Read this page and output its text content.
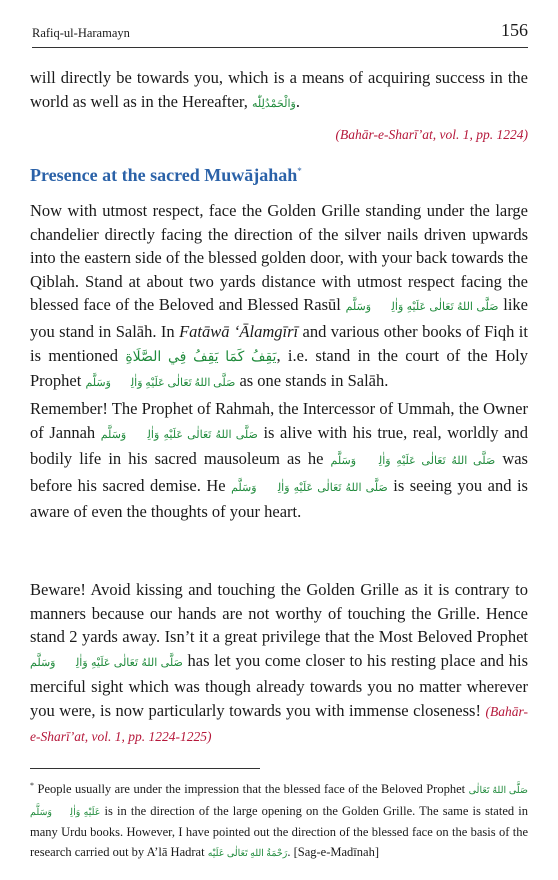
Rafiq-ul-Haramayn	156
will directly be towards you, which is a means of acquiring success in the world as well as in the Hereafter, وَالْحَمْدُلِلّٰه.
(Bahār-e-Sharī’at, vol. 1, pp. 1224)
Presence at the sacred Muwājahah*
Now with utmost respect, face the Golden Grille standing under the large chandelier directly facing the direction of the silver nails driven upwards into the eastern side of the blessed golden door, with your back towards the Qiblah. Stand at about two yards distance with utmost respect facing the blessed face of the Beloved and Blessed Rasūl صَلَّى اللهُ تَعَالٰى عَلَيْهِ وَاٰلِهٖ وَسَلَّم like you stand in Salāh. In Fatāwā ‘Ālamgīrī and various other books of Fiqh it is mentioned يَقِفُ كَمَا يَقِفُ فِي الصَّلَاةِ, i.e. stand in the court of the Holy Prophet صَلَّى اللهُ تَعَالٰى عَلَيْهِ وَاٰلِهٖ وَسَلَّم as one stands in Salāh.
Remember! The Prophet of Rahmah, the Intercessor of Ummah, the Owner of Jannah صَلَّى اللهُ تَعَالٰى عَلَيْهِ وَاٰلِهٖ وَسَلَّم is alive with his true, real, worldly and bodily life in his sacred mausoleum as he صَلَّى اللهُ تَعَالٰى عَلَيْهِ وَاٰلِهٖ وَسَلَّم was before his sacred demise. He صَلَّى اللهُ تَعَالٰى عَلَيْهِ وَاٰلِهٖ وَسَلَّم is seeing you and is aware of even the thoughts of your heart.
Beware! Avoid kissing and touching the Golden Grille as it is contrary to manners because our hands are not worthy of touching the Grille. Hence stand 2 yards away. Isn’t it a great privilege that the Most Beloved Prophet صَلَّى اللهُ تَعَالٰى عَلَيْهِ وَاٰلِهٖ وَسَلَّم has let you come closer to his resting place and his merciful sight which was though already towards you no matter wherever you were, is now particularly towards you with immense closeness! (Bahār-e-Sharī’at, vol. 1, pp. 1224-1225)
* People usually are under the impression that the blessed face of the Beloved Prophet صَلَّى اللهُ تَعَالٰى عَلَيْهِ وَاٰلِهٖ وَسَلَّم is in the direction of the large opening on the Golden Grille. The same is stated in many Urdu books. However, I have pointed out the direction of the blessed face on the basis of the research carried out by A’lā Hadrat رَحْمَةُ اللهِ تَعَالٰى عَلَيْه. [Sag-e-Madīnah]
